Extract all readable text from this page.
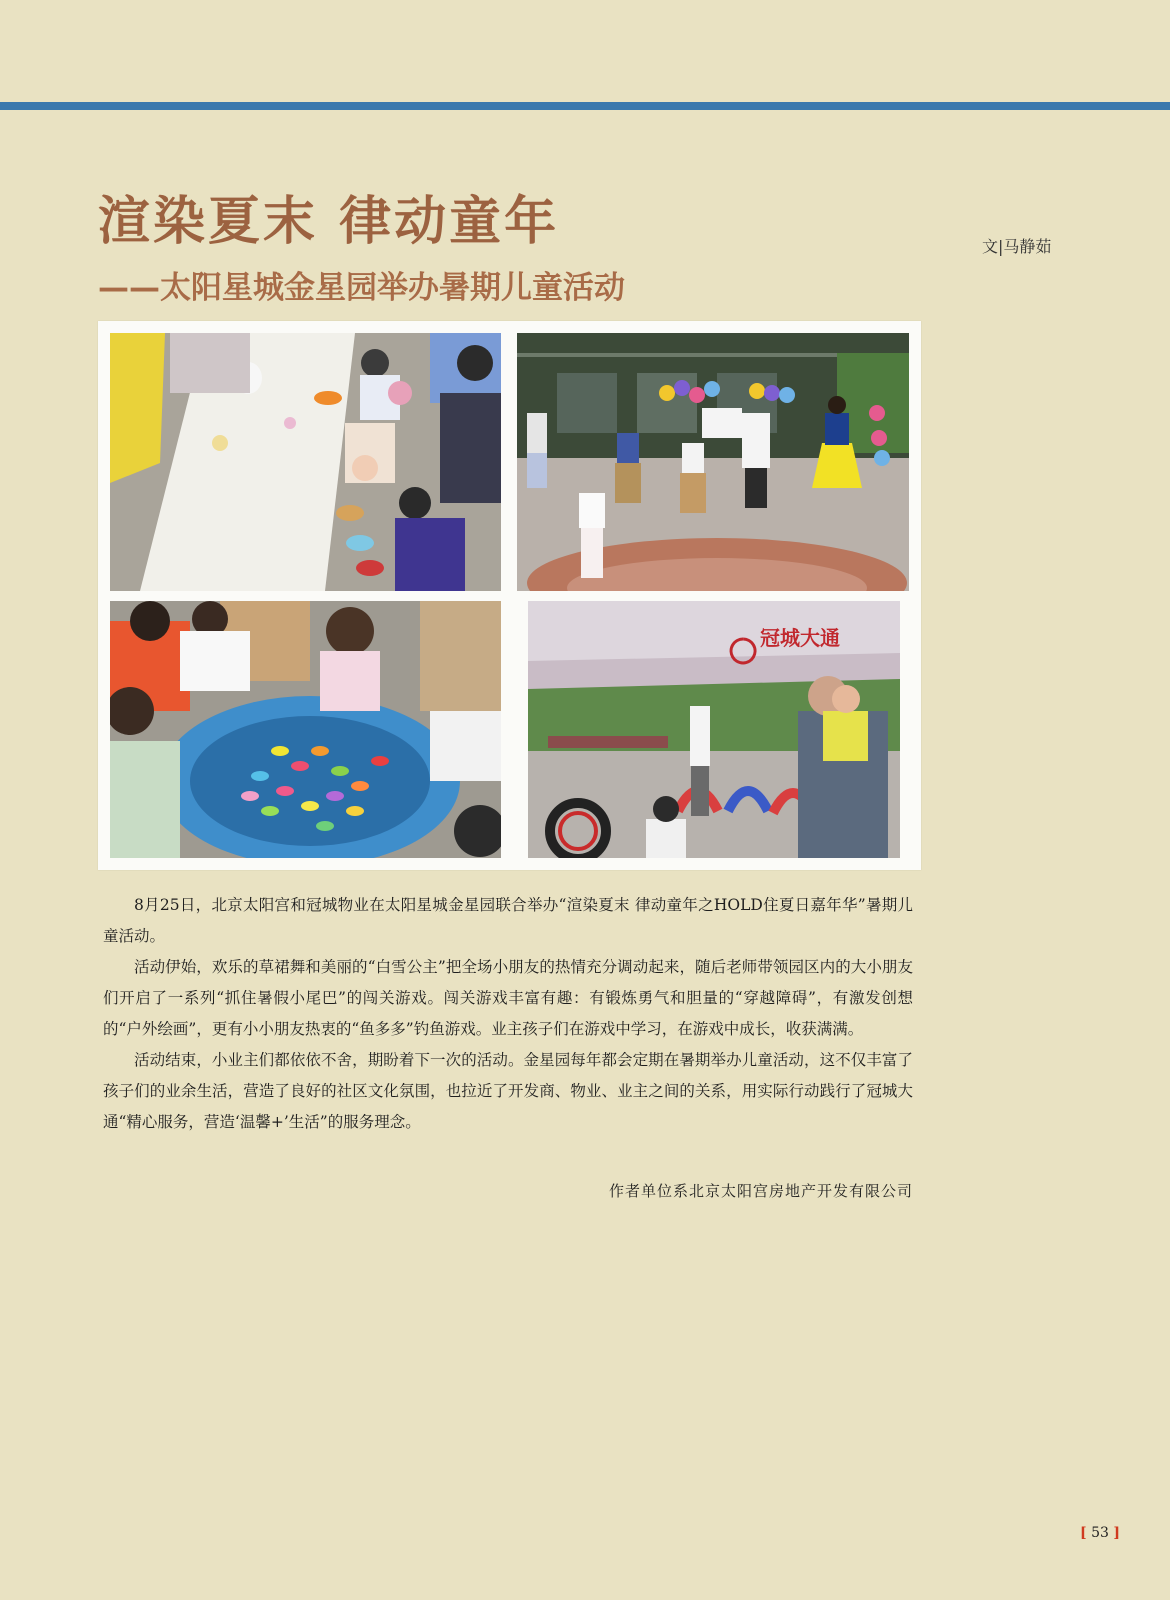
渲染夏末 律动童年
——太阳星城金星园举办暑期儿童活动
文|马静茹
冠城大通

8月25日，北京太阳宫和冠城物业在太阳星城金星园联合举办“渲染夏末 律动童年之HOLD住夏日嘉年华”暑期儿童活动。

活动伊始，欢乐的草裙舞和美丽的“白雪公主”把全场小朋友的热情充分调动起来，随后老师带领园区内的大小朋友们开启了一系列“抓住暑假小尾巴”的闯关游戏。闯关游戏丰富有趣：有锻炼勇气和胆量的“穿越障碍”，有激发创想的“户外绘画”，更有小小朋友热衷的“鱼多多”钓鱼游戏。业主孩子们在游戏中学习，在游戏中成长，收获满满。

活动结束，小业主们都依依不舍，期盼着下一次的活动。金星园每年都会定期在暑期举办儿童活动，这不仅丰富了孩子们的业余生活，营造了良好的社区文化氛围，也拉近了开发商、物业、业主之间的关系，用实际行动践行了冠城大通“精心服务，营造‘温馨+’生活”的服务理念。

作者单位系北京太阳宫房地产开发有限公司
[ 53 ]
